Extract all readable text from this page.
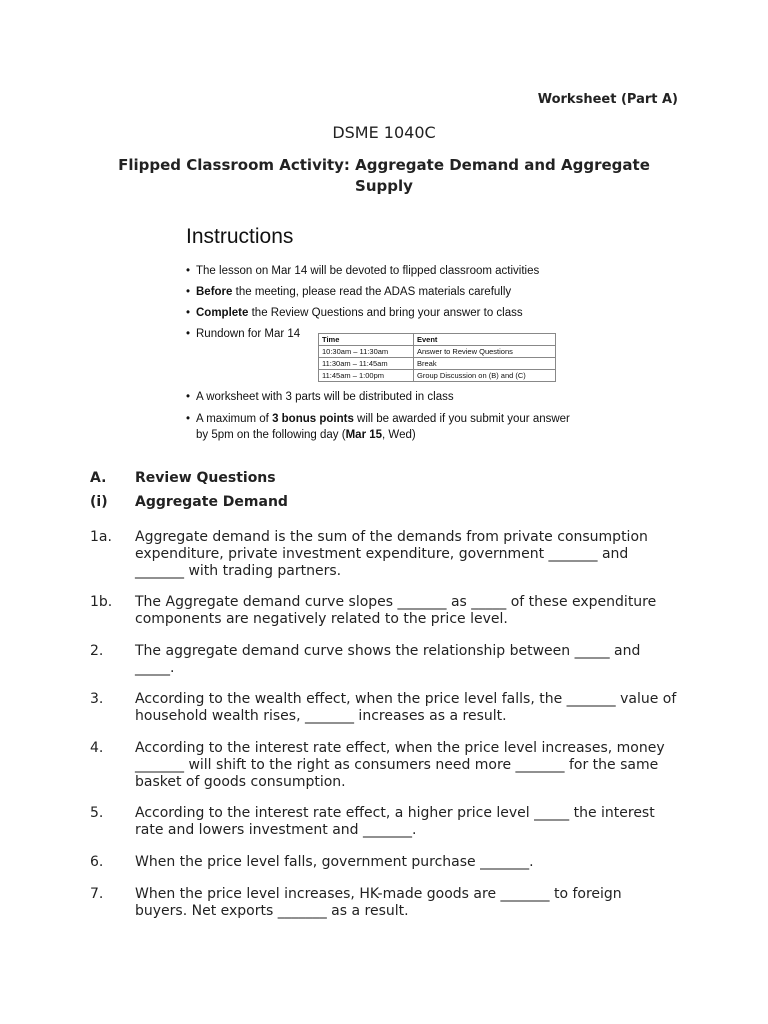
Worksheet (Part A)
DSME 1040C
Flipped Classroom Activity: Aggregate Demand and Aggregate Supply
Instructions
• The lesson on Mar 14 will be devoted to flipped classroom activities
• Before the meeting, please read the ADAS materials carefully
• Complete the Review Questions and bring your answer to class
• Rundown for Mar 14	Time	Event
10:30am – 11:30am	Answer to Review Questions
11:30am – 11:45am	Break
11:45am – 1:00pm	Group Discussion on (B) and (C)
• A worksheet with 3 parts will be distributed in class
• A maximum of 3 bonus points will be awarded if you submit your answer
by 5pm on the following day (Mar 15, Wed)
A. Review Questions
(i) Aggregate Demand
1a.	Aggregate demand is the sum of the demands from private consumption
expenditure, private investment expenditure, government _______ and
_______ with trading partners.
1b.	The Aggregate demand curve slopes _______ as _____ of these expenditure
components are negatively related to the price level.
2.	The aggregate demand curve shows the relationship between _____ and
_____.
3.	According to the wealth effect, when the price level falls, the _______ value of
household wealth rises, _______ increases as a result.
4.	According to the interest rate effect, when the price level increases, money
_______ will shift to the right as consumers need more _______ for the same
basket of goods consumption.
5.	According to the interest rate effect, a higher price level _____ the interest
rate and lowers investment and _______.
6.	When the price level falls, government purchase _______.
7.	When the price level increases, HK-made goods are _______ to foreign
buyers. Net exports _______ as a result.
